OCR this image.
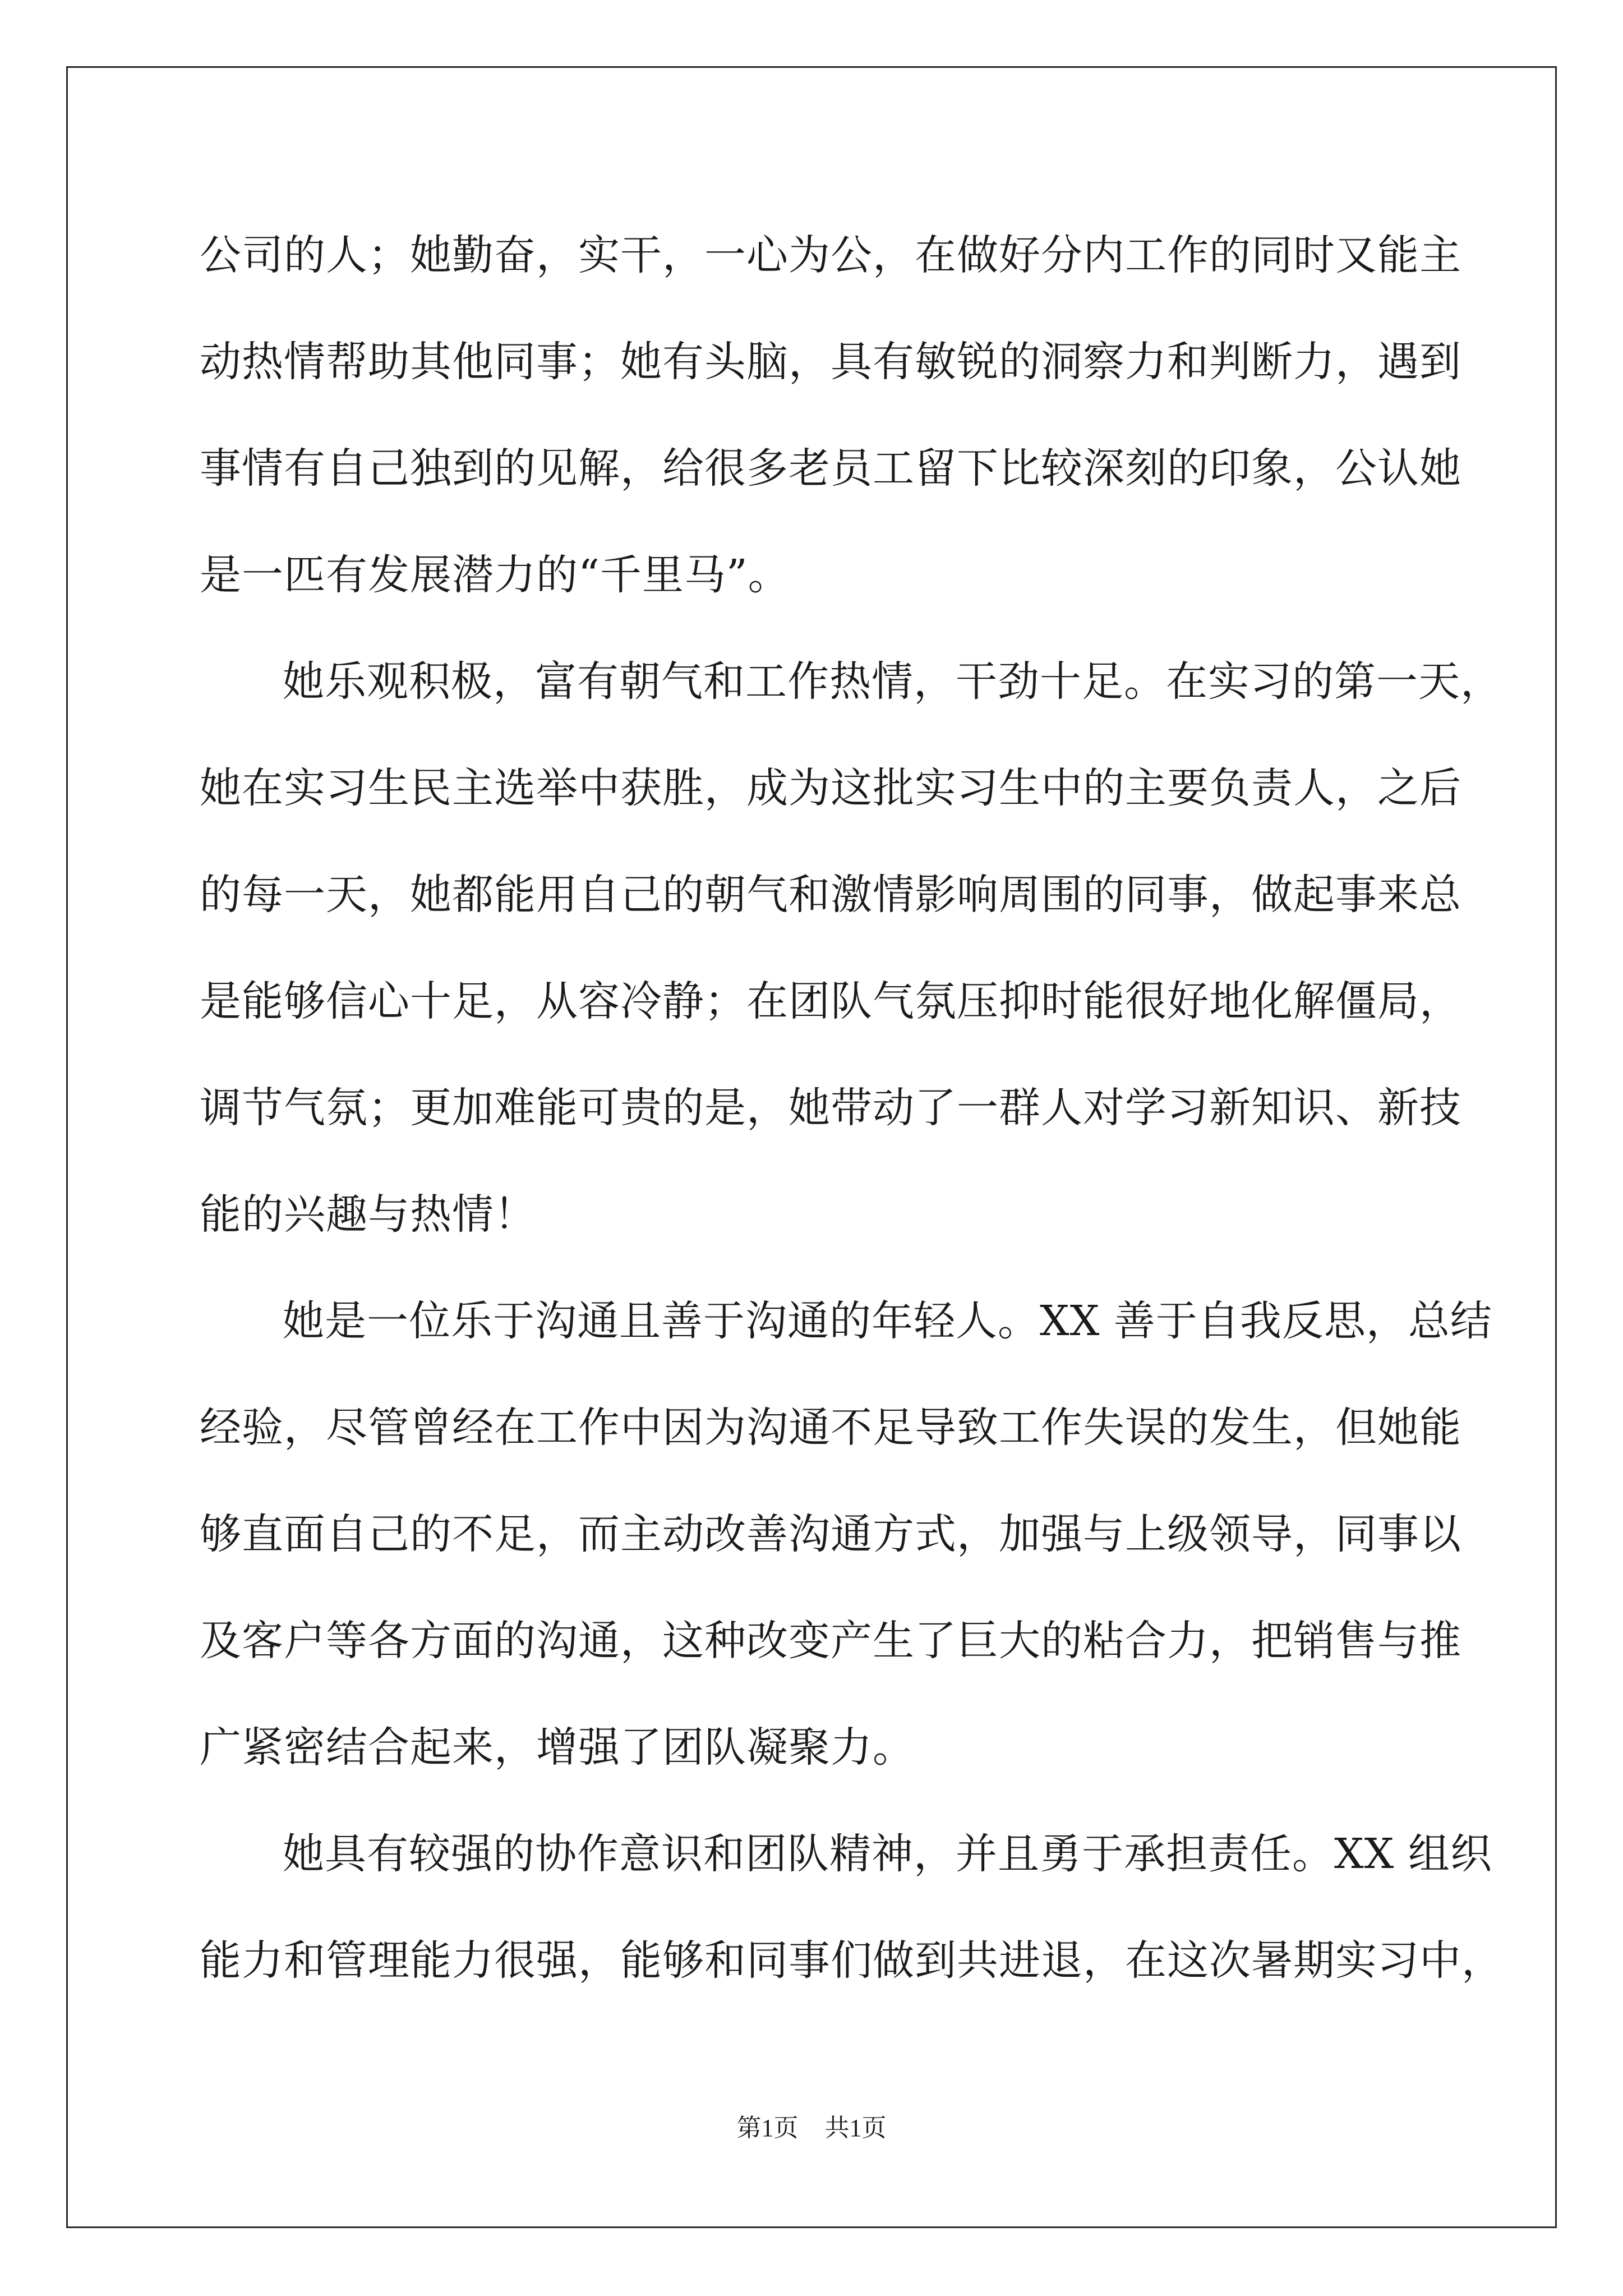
公司的人；她勤奋，实干，一心为公，在做好分内工作的同时又能主
动热情帮助其他同事；她有头脑，具有敏锐的洞察力和判断力，遇到
事情有自己独到的见解，给很多老员工留下比较深刻的印象，公认她
是一匹有发展潜力的“千里马”。
她乐观积极，富有朝气和工作热情，干劲十足。在实习的第一天，
她在实习生民主选举中获胜，成为这批实习生中的主要负责人，之后
的每一天，她都能用自己的朝气和激情影响周围的同事，做起事来总
是能够信心十足，从容冷静；在团队气氛压抑时能很好地化解僵局，
调节气氛；更加难能可贵的是，她带动了一群人对学习新知识、新技
能的兴趣与热情！
她是一位乐于沟通且善于沟通的年轻人。XX 善于自我反思，总结
经验，尽管曾经在工作中因为沟通不足导致工作失误的发生，但她能
够直面自己的不足，而主动改善沟通方式，加强与上级领导，同事以
及客户等各方面的沟通，这种改变产生了巨大的粘合力，把销售与推
广紧密结合起来，增强了团队凝聚力。
她具有较强的协作意识和团队精神，并且勇于承担责任。XX 组织
能力和管理能力很强，能够和同事们做到共进退，在这次暑期实习中，
第1页 共1页
